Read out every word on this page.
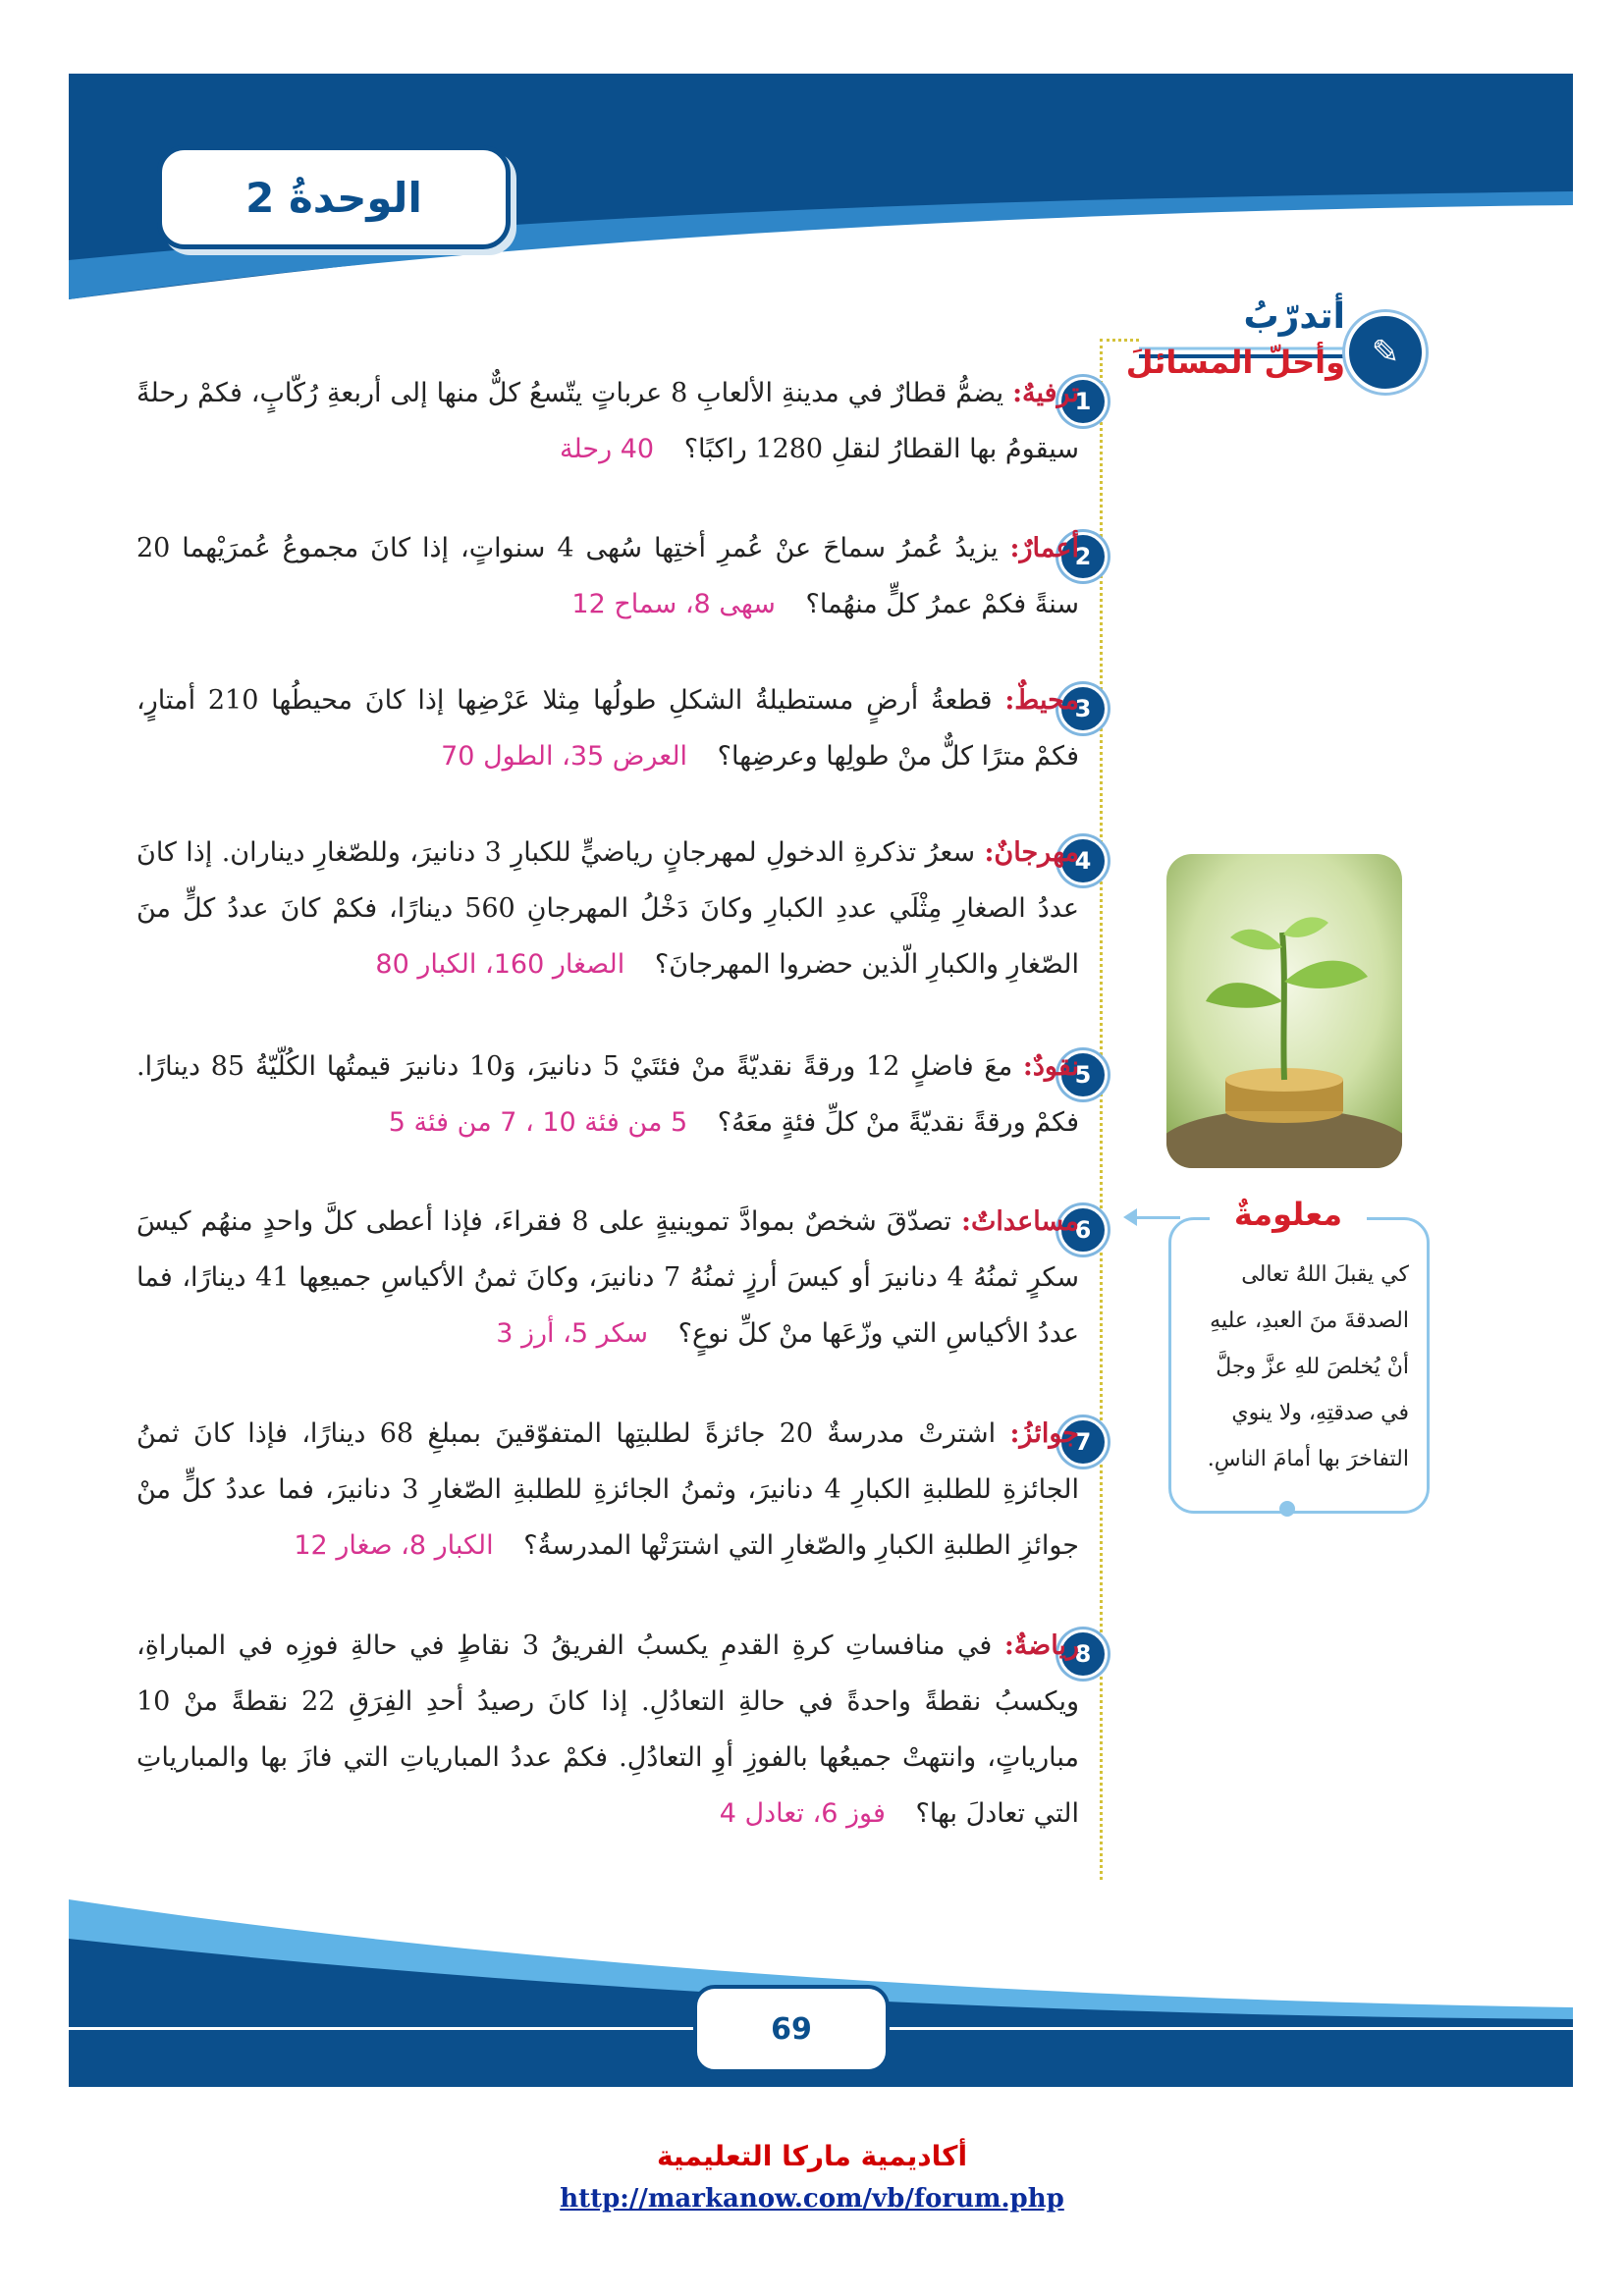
الوحدةُ 2
أتدرّبُ
وأحلّ المسائلَ ✎
1
ترفيهٌ: يضمُّ قطارٌ في مدينةِ الألعابِ 8 عرباتٍ يتّسعُ كلٌّ منها إلى أربعةِ رُكّابٍ، فكمْ رحلةً سيقومُ بها القطارُ لنقلِ 1280 راكبًا؟ 40 رحلة
2
أعمارٌ: يزيدُ عُمرُ سماحَ عنْ عُمرِ أختِها سُهى 4 سنواتٍ، إذا كانَ مجموعُ عُمرَيْهما 20 سنةً فكمْ عمرُ كلٍّ منهُما؟ سهى 8، سماح 12
3
محيطٌ: قطعةُ أرضٍ مستطيلةُ الشكلِ طولُها مِثلا عَرْضِها إذا كانَ محيطُها 210 أمتارٍ، فكمْ مترًا كلٌّ منْ طولِها وعرضِها؟ العرض 35، الطول 70
4
مهرجانٌ: سعرُ تذكرةِ الدخولِ لمهرجانٍ رياضيٍّ للكبارِ 3 دنانيرَ، وللصّغارِ ديناران. إذا كانَ عددُ الصغارِ مِثْلَي عددِ الكبارِ وكانَ دَخْلُ المهرجانِ 560 دينارًا، فكمْ كانَ عددُ كلٍّ منَ الصّغارِ والكبارِ الّذين حضروا المهرجانَ؟ الصغار 160، الكبار 80
5
نقودٌ: معَ فاضلٍ 12 ورقةً نقديّةً منْ فئتَيْ 5 دنانيرَ، وَ10 دنانيرَ قيمتُها الكُلّيّةُ 85 دينارًا. فكمْ ورقةً نقديّةً منْ كلِّ فئةٍ معَهُ؟ 5 من فئة 10 ، 7 من فئة 5
6
مساعداتٌ: تصدّقَ شخصٌ بموادَّ تموينيةٍ على 8 فقراءَ، فإذا أعطى كلَّ واحدٍ منهُم كيسَ سكرٍ ثمنُهُ 4 دنانيرَ أو كيسَ أرزٍ ثمنُهُ 7 دنانيرَ، وكانَ ثمنُ الأكياسِ جميعِها 41 دينارًا، فما عددُ الأكياسِ التي وزّعَها منْ كلِّ نوعٍ؟ سكر 5، أرز 3
7
جوائزُ: اشترتْ مدرسةٌ 20 جائزةً لطلبتِها المتفوّقينَ بمبلغِ 68 دينارًا، فإذا كانَ ثمنُ الجائزةِ للطلبةِ الكبارِ 4 دنانيرَ، وثمنُ الجائزةِ للطلبةِ الصّغارِ 3 دنانيرَ، فما عددُ كلٍّ منْ جوائزِ الطلبةِ الكبارِ والصّغارِ التي اشترَتْها المدرسةُ؟ الكبار 8، صغار 12
8
رياضةٌ: في منافساتِ كرةِ القدمِ يكسبُ الفريقُ 3 نقاطٍ في حالةِ فوزِه في المباراةِ، ويكسبُ نقطةً واحدةً في حالةِ التعادُلِ. إذا كانَ رصيدُ أحدِ الفِرَقِ 22 نقطةً منْ 10 مبارياتٍ، وانتهتْ جميعُها بالفوزِ أوِ التعادُلِ. فكمْ عددُ المبارياتِ التي فازَ بها والمبارياتِ التي تعادلَ بها؟ فوز 6، تعادل 4
معلومةٌ
كي يقبلَ اللهُ تعالى الصدقةَ منَ العبدِ، عليهِ أنْ يُخلصَ للهِ عزَّ وجلَّ في صدقتِهِ، ولا ينوي التفاخرَ بها أمامَ الناسِ.
69
أكاديمية ماركا التعليمية
http://markanow.com/vb/forum.php
